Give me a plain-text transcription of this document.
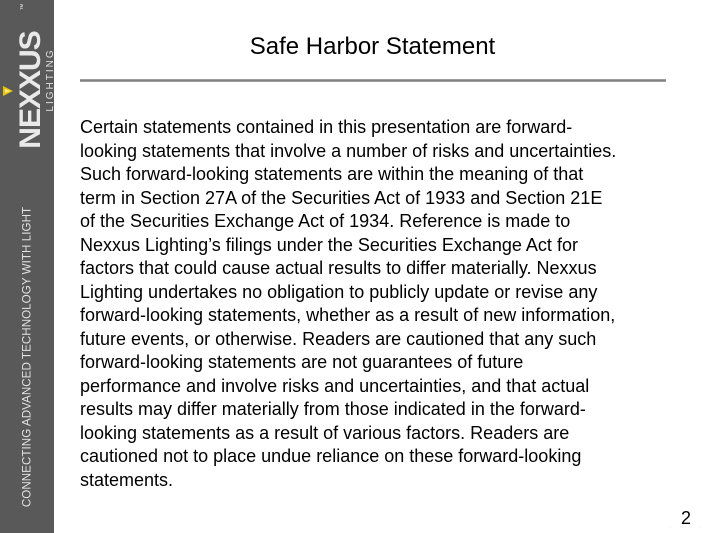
NEXXUS
LIGHTING
™
CONNECTING ADVANCED TECHNOLOGY WITH LIGHT
Safe Harbor Statement
Certain statements contained in this presentation are forward-
looking statements that involve a number of risks and uncertainties.
Such forward-looking statements are within the meaning of that
term in Section 27A of the Securities Act of 1933 and Section 21E
of the Securities Exchange Act of 1934. Reference is made to
Nexxus Lighting’s filings under the Securities Exchange Act for
factors that could cause actual results to differ materially. Nexxus
Lighting undertakes no obligation to publicly update or revise any
forward-looking statements, whether as a result of new information,
future events, or otherwise. Readers are cautioned that any such
forward-looking statements are not guarantees of future
performance and involve risks and uncertainties, and that actual
results may differ materially from those indicated in the forward-
looking statements as a result of various factors. Readers are
cautioned not to place undue reliance on these forward-looking
statements.
2
. . . .
